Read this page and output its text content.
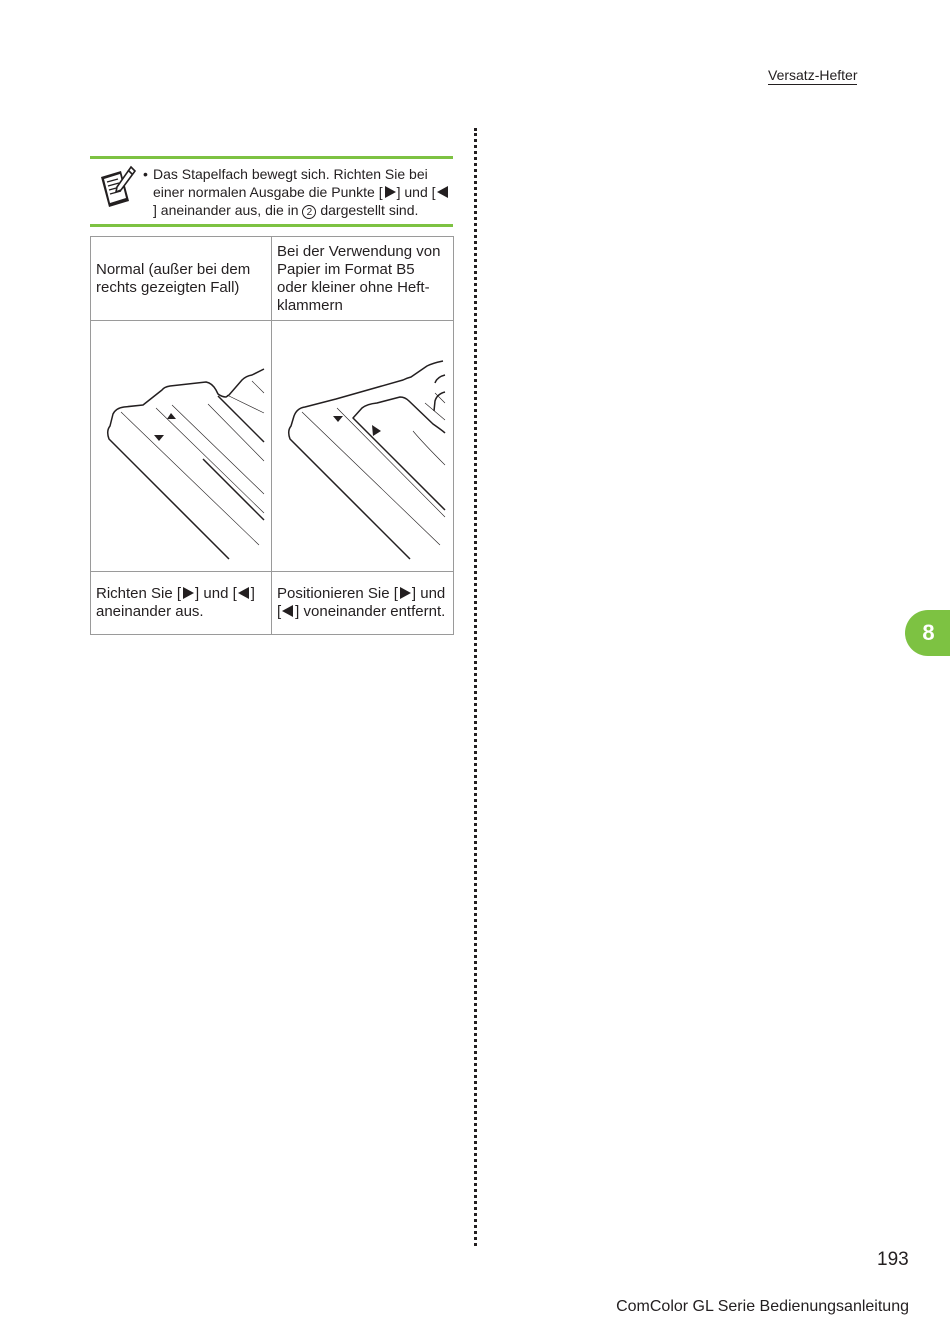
Versatz-Hefter
• Das Stapelfach bewegt sich. Richten Sie bei einer normalen Ausgabe die Punkte [ ] und [] aneinander aus, die in 2 dargestellt sind.
Normal (außer bei dem rechts gezeigten Fall)	Bei der Verwendung von Papier im Format B5 oder kleiner ohne Heft-klammern

Richten Sie [ ] und [ ] aneinander aus.	Positionieren Sie [ ] und [ ] voneinander entfernt.
8
193
ComColor GL Serie Bedienungsanleitung
